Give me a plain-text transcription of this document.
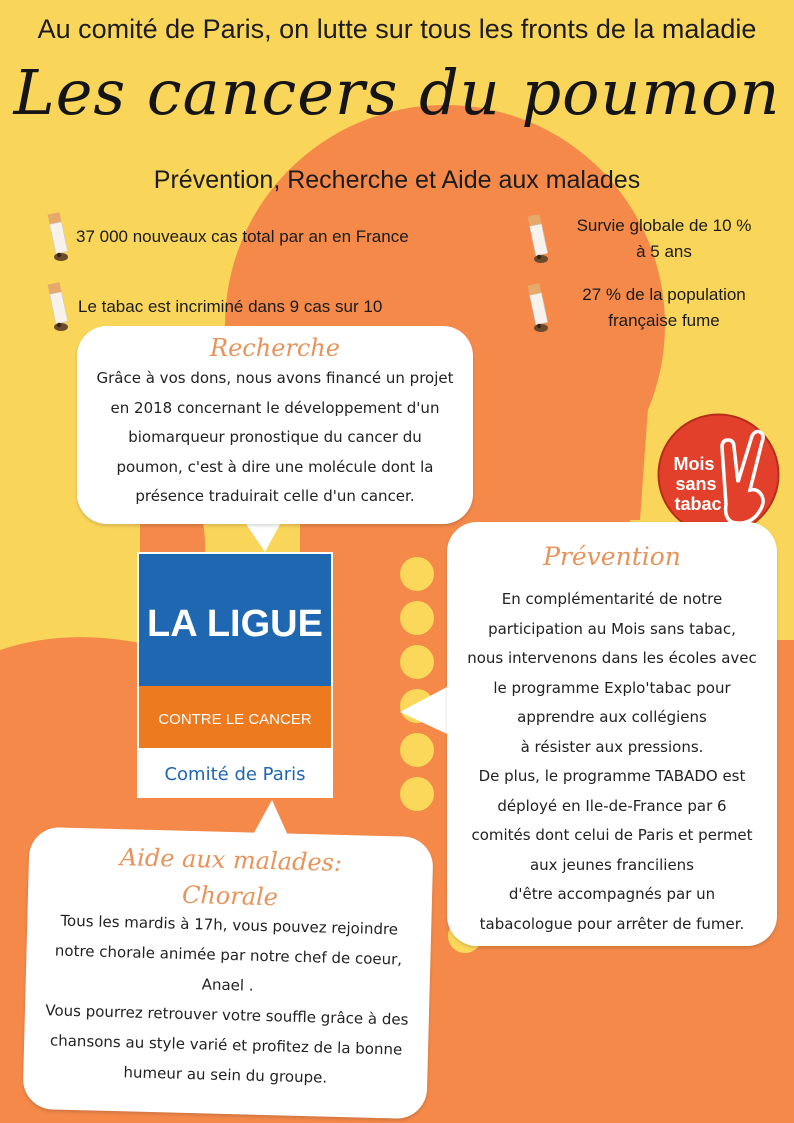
Au comité de Paris, on lutte sur tous les fronts de la maladie
Les cancers du poumon
Prévention, Recherche et Aide aux malades
37 000 nouveaux cas total par an en France
Le tabac est incriminé dans 9 cas sur 10
Survie globale de 10 %
à 5 ans
27 % de la population
française fume
Recherche
Grâce à vos dons, nous avons financé un projet
en 2018 concernant le développement d'un
biomarqueur pronostique du cancer du
poumon, c'est à dire une molécule dont la
présence traduirait celle d'un cancer.
LA LIGUE
CONTRE LE CANCER
Comité de Paris
Mois
sans
tabac
Prévention
En complémentarité de notre
participation au Mois sans tabac,
nous intervenons dans les écoles avec
le programme Explo'tabac pour
apprendre aux collégiens
à résister aux pressions.
De plus, le programme TABADO est
déployé en Ile-de-France par 6
comités dont celui de Paris et permet
aux jeunes franciliens
d'être accompagnés par un
tabacologue pour arrêter de fumer.
Aide aux malades:
Chorale
Tous les mardis à 17h, vous pouvez rejoindre
notre chorale animée par notre chef de coeur,
Anael .
Vous pourrez retrouver votre souffle grâce à des
chansons au style varié et profitez de la bonne
humeur au sein du groupe.
